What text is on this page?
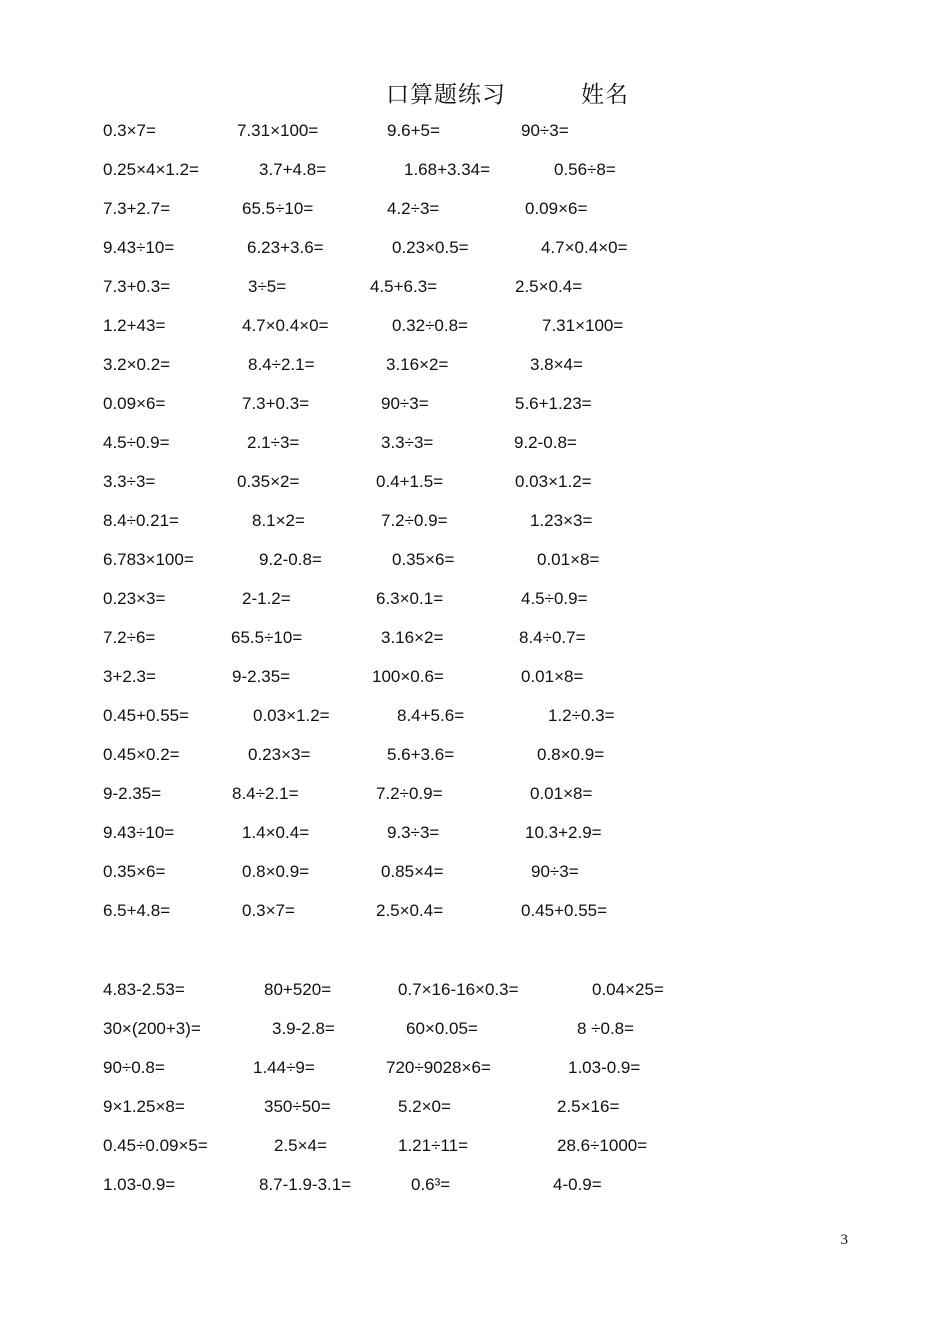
口算题练习	姓名
0.3×7=	7.31×100=	9.6+5=	90÷3=
0.25×4×1.2=	3.7+4.8=	1.68+3.34=	0.56÷8=
7.3+2.7=	65.5÷10=	4.2÷3=	0.09×6=
9.43÷10=	6.23+3.6=	0.23×0.5=	4.7×0.4×0=
7.3+0.3=	3÷5=	4.5+6.3=	2.5×0.4=
1.2+43=	4.7×0.4×0=	0.32÷0.8=	7.31×100=
3.2×0.2=	8.4÷2.1=	3.16×2=	3.8×4=
0.09×6=	7.3+0.3=	90÷3=	5.6+1.23=
4.5÷0.9=	2.1÷3=	3.3÷3=	9.2-0.8=
3.3÷3=	0.35×2=	0.4+1.5=	0.03×1.2=
8.4÷0.21=	8.1×2=	7.2÷0.9=	1.23×3=
6.783×100=	9.2-0.8=	0.35×6=	0.01×8=
0.23×3=	2-1.2=	6.3×0.1=	4.5÷0.9=
7.2÷6=	65.5÷10=	3.16×2=	8.4÷0.7=
3+2.3=	9-2.35=	100×0.6=	0.01×8=
0.45+0.55=	0.03×1.2=	8.4+5.6=	1.2÷0.3=
0.45×0.2=	0.23×3=	5.6+3.6=	0.8×0.9=
9-2.35=	8.4÷2.1=	7.2÷0.9=	0.01×8=
9.43÷10=	1.4×0.4=	9.3÷3=	10.3+2.9=
0.35×6=	0.8×0.9=	0.85×4=	90÷3=
6.5+4.8=	0.3×7=	2.5×0.4=	0.45+0.55=
4.83-2.53=	80+520=	0.7×16-16×0.3=	0.04×25=
30×(200+3)=	3.9-2.8=	60×0.05=	8 ÷0.8=
90÷0.8=	1.44÷9=	720÷9028×6=	1.03-0.9=
9×1.25×8=	350÷50=	5.2×0=	2.5×16=
0.45÷0.09×5=	2.5×4=	1.21÷11=	28.6÷1000=
1.03-0.9=	8.7-1.9-3.1=	0.6³=	4-0.9=
3
